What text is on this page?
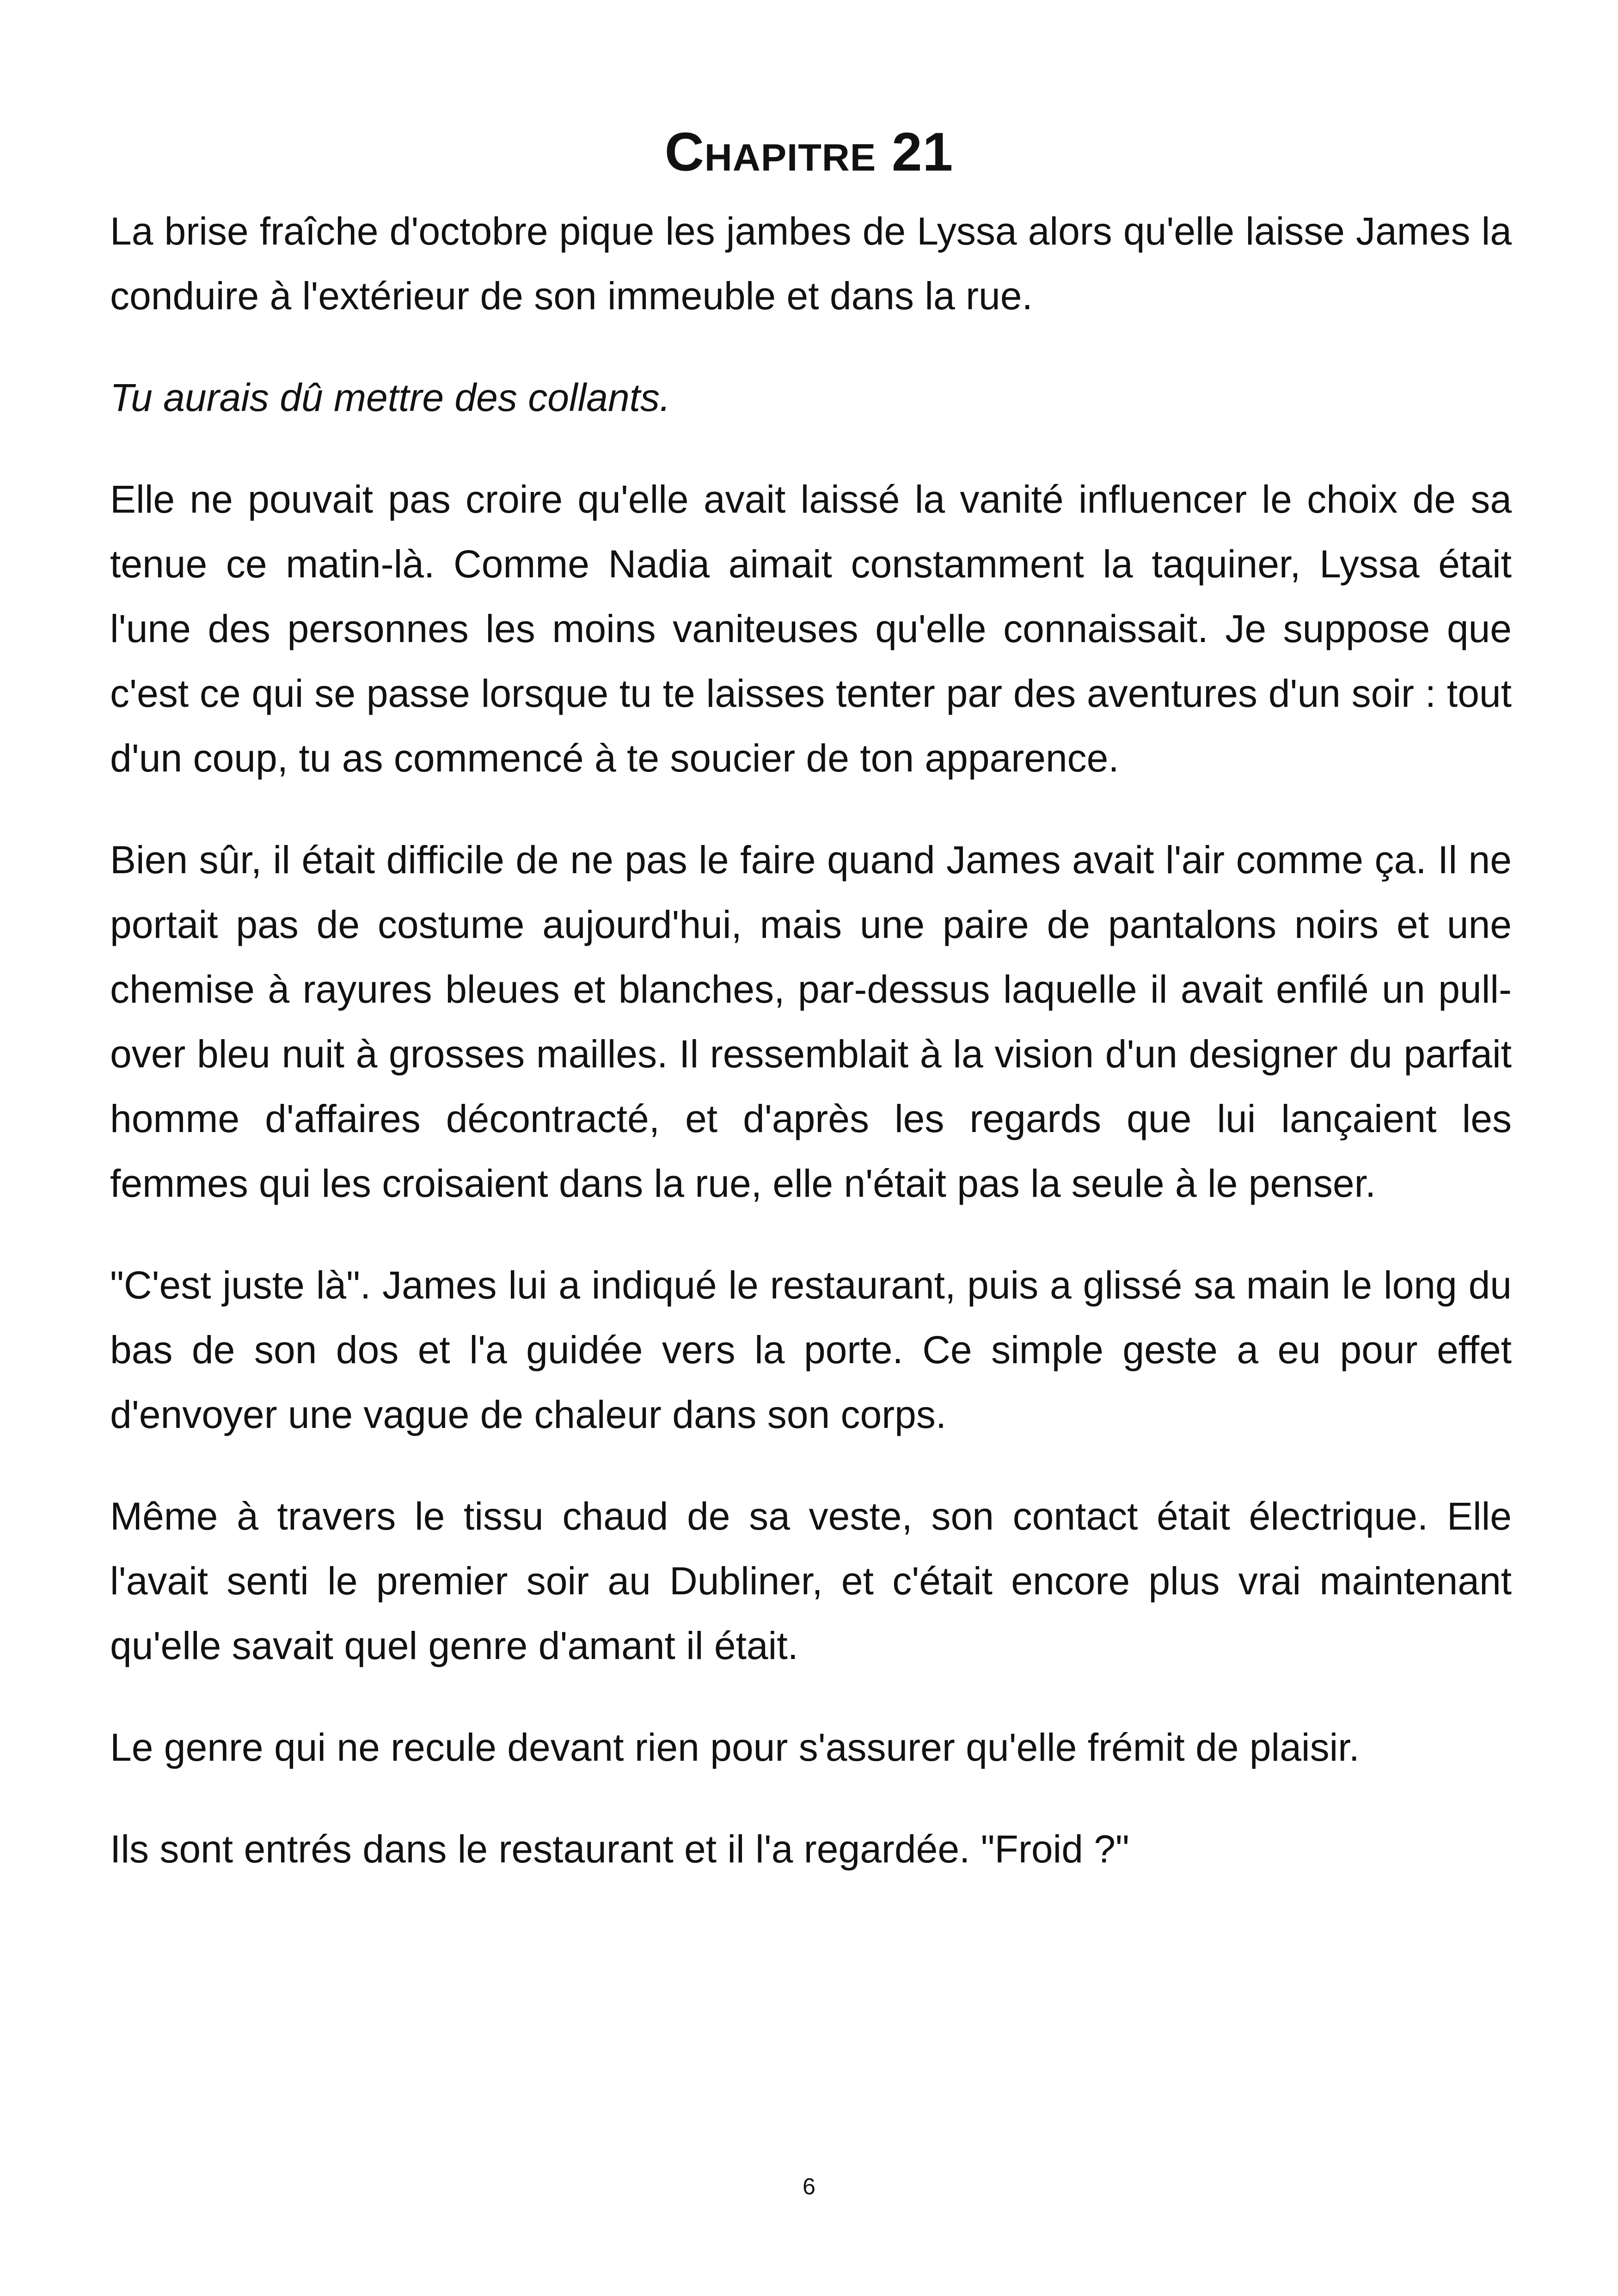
Chapitre 21

La brise fraîche d'octobre pique les jambes de Lyssa alors qu'elle laisse James la conduire à l'extérieur de son immeuble et dans la rue.

Tu aurais dû mettre des collants.

Elle ne pouvait pas croire qu'elle avait laissé la vanité influencer le choix de sa tenue ce matin-là. Comme Nadia aimait constamment la taquiner, Lyssa était l'une des personnes les moins vaniteuses qu'elle connaissait. Je suppose que c'est ce qui se passe lorsque tu te laisses tenter par des aventures d'un soir : tout d'un coup, tu as commencé à te soucier de ton apparence.

Bien sûr, il était difficile de ne pas le faire quand James avait l'air comme ça. Il ne portait pas de costume aujourd'hui, mais une paire de pantalons noirs et une chemise à rayures bleues et blanches, par-dessus laquelle il avait enfilé un pull-over bleu nuit à grosses mailles. Il ressemblait à la vision d'un designer du parfait homme d'affaires décontracté, et d'après les regards que lui lançaient les femmes qui les croisaient dans la rue, elle n'était pas la seule à le penser.

"C'est juste là". James lui a indiqué le restaurant, puis a glissé sa main le long du bas de son dos et l'a guidée vers la porte. Ce simple geste a eu pour effet d'envoyer une vague de chaleur dans son corps.

Même à travers le tissu chaud de sa veste, son contact était électrique. Elle l'avait senti le premier soir au Dubliner, et c'était encore plus vrai maintenant qu'elle savait quel genre d'amant il était.

Le genre qui ne recule devant rien pour s'assurer qu'elle frémit de plaisir.

Ils sont entrés dans le restaurant et il l'a regardée. "Froid ?"

6
